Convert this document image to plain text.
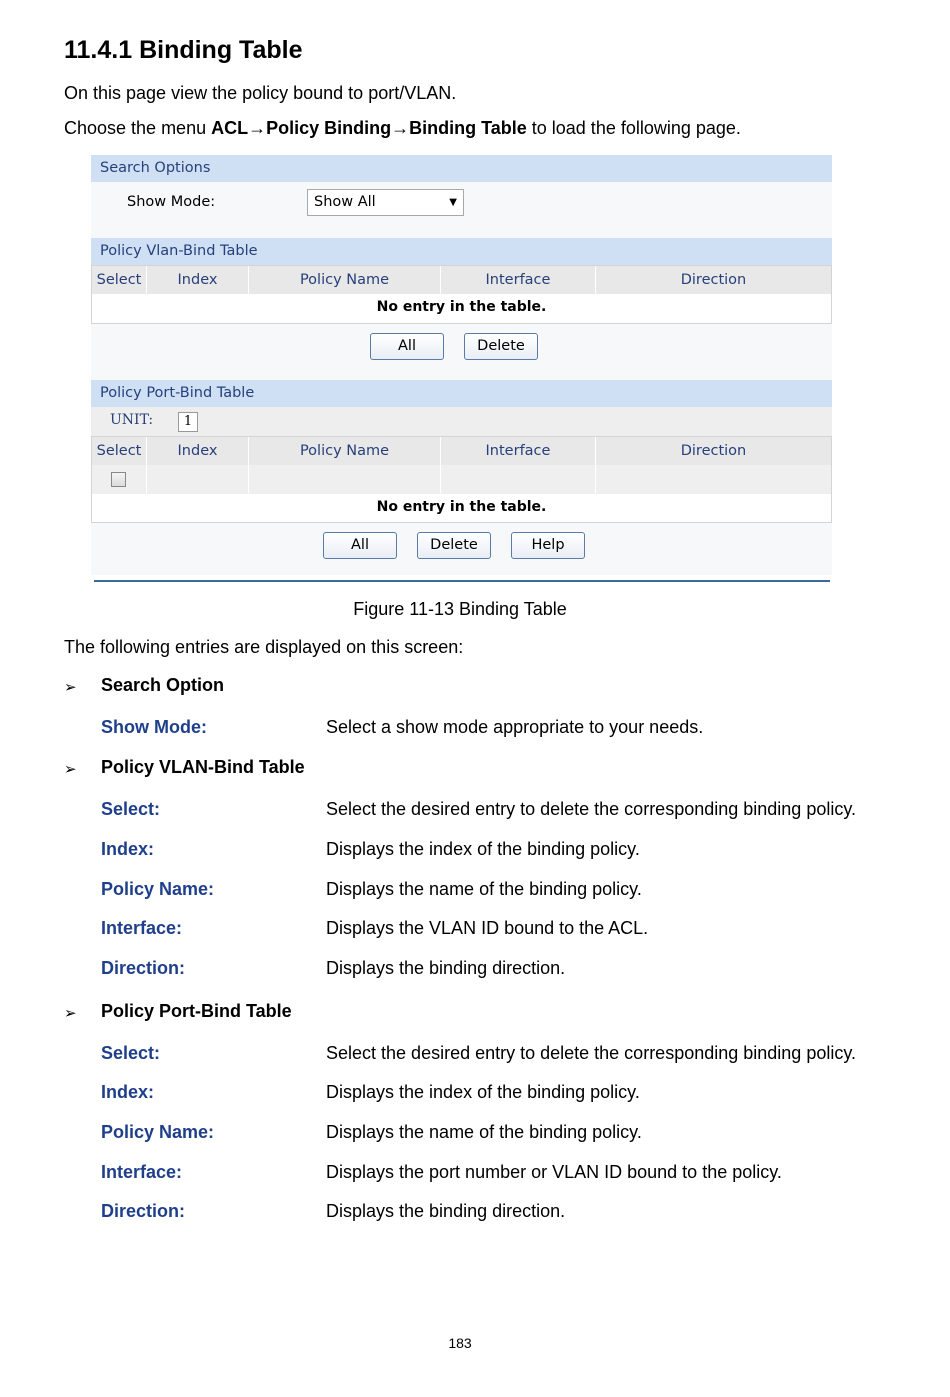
11.4.1 Binding Table
On this page view the policy bound to port/VLAN.
Choose the menu ACL→Policy Binding→Binding Table to load the following page.
Search Options
Show Mode:	Show All	▼
Policy Vlan-Bind Table
Select	Index	Policy Name	Interface	Direction
No entry in the table.
All	Delete
Policy Port-Bind Table
UNIT:	1
Select	Index	Policy Name	Interface	Direction
No entry in the table.
All	Delete	Help
Figure 11-13 Binding Table
The following entries are displayed on this screen:
➢ Search Option
Show Mode:	Select a show mode appropriate to your needs.
➢ Policy VLAN-Bind Table
Select:	Select the desired entry to delete the corresponding binding policy.
Index:	Displays the index of the binding policy.
Policy Name:	Displays the name of the binding policy.
Interface:	Displays the VLAN ID bound to the ACL.
Direction:	Displays the binding direction.
➢ Policy Port-Bind Table
Select:	Select the desired entry to delete the corresponding binding policy.
Index:	Displays the index of the binding policy.
Policy Name:	Displays the name of the binding policy.
Interface:	Displays the port number or VLAN ID bound to the policy.
Direction:	Displays the binding direction.
183
